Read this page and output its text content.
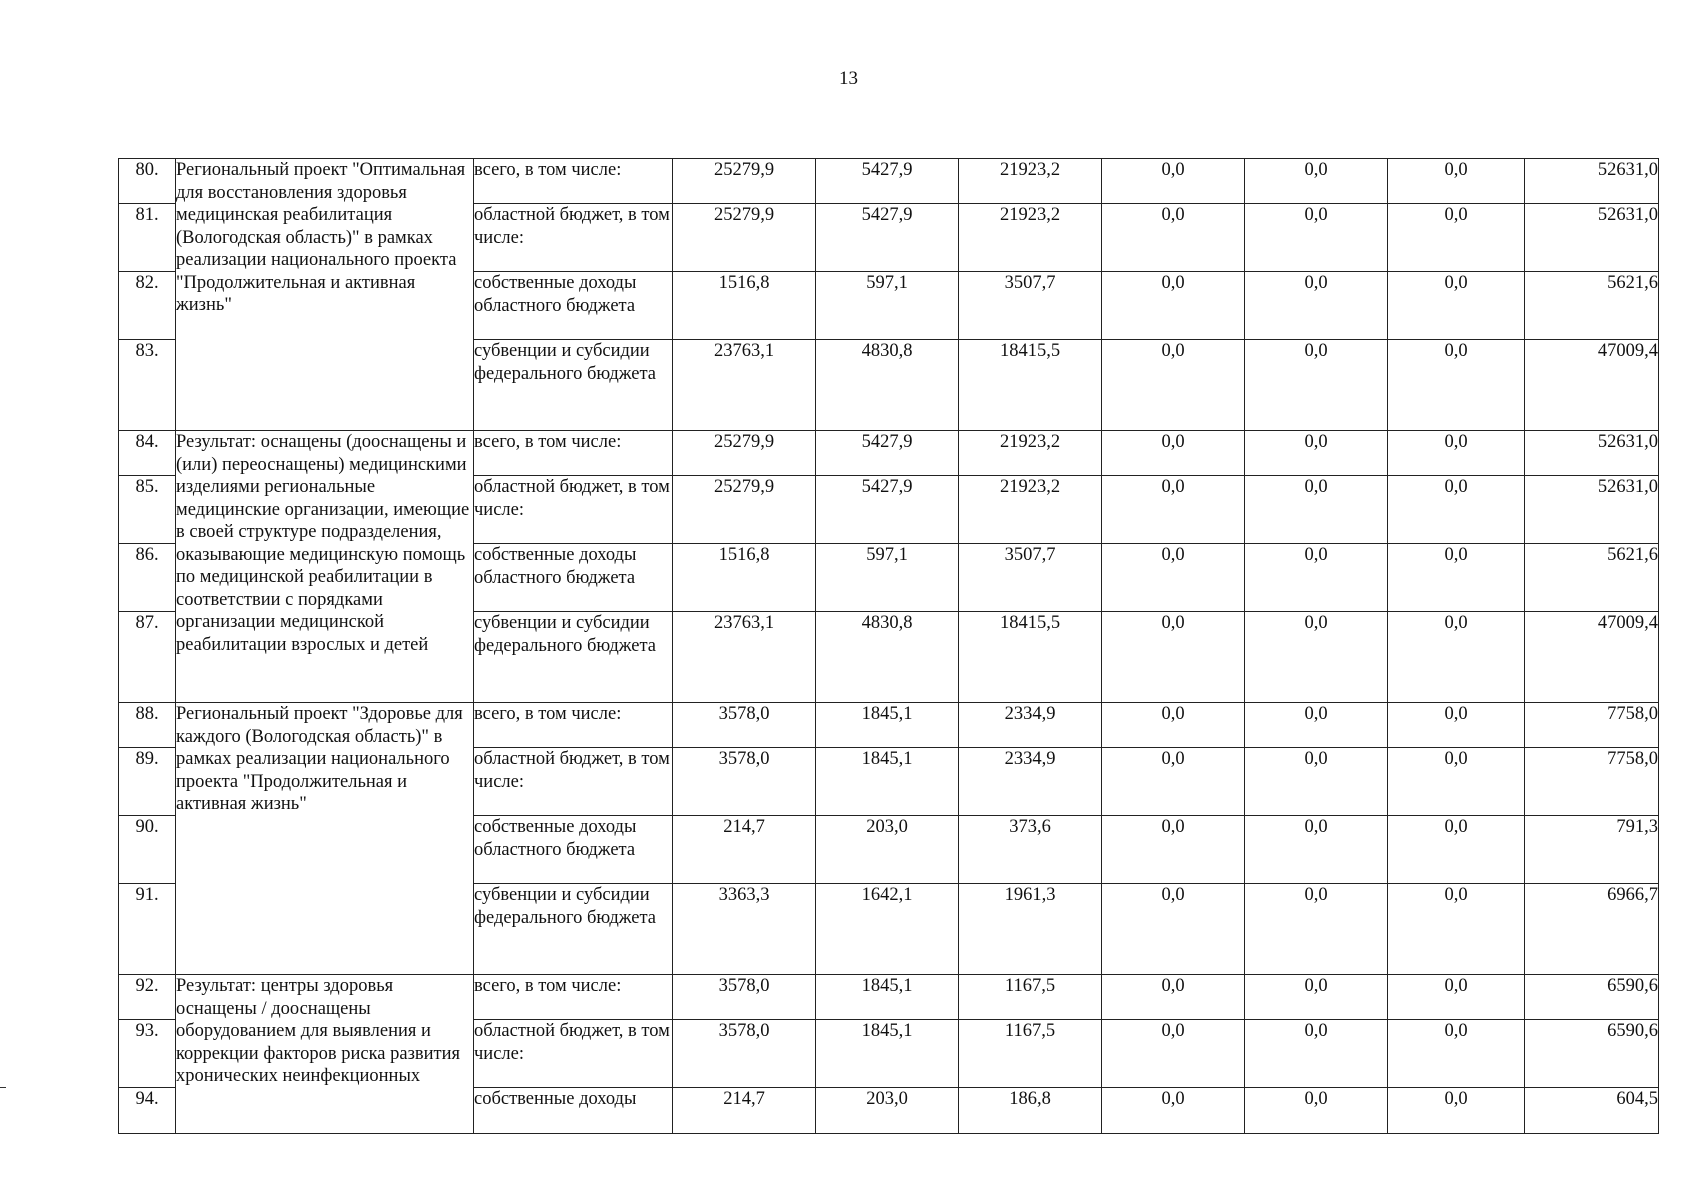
13
80.	Региональный проект "Оптимальная для восстановления здоровья медицинская реабилитация (Вологодская область)" в рамках реализации национального проекта "Продолжительная и активная жизнь"	всего, в том числе:	25279,9	5427,9	21923,2	0,0	0,0	0,0	52631,0
81.		областной бюджет, в том числе:	25279,9	5427,9	21923,2	0,0	0,0	0,0	52631,0
82.		собственные доходы областного бюджета	1516,8	597,1	3507,7	0,0	0,0	0,0	5621,6
83.		субвенции и субсидии федерального бюджета	23763,1	4830,8	18415,5	0,0	0,0	0,0	47009,4
84.	Результат: оснащены (дооснащены и (или) переоснащены) медицинскими изделиями региональные медицинские организации, имеющие в своей структуре подразделения, оказывающие медицинскую помощь по медицинской реабилитации в соответствии с порядками организации медицинской реабилитации взрослых и детей	всего, в том числе:	25279,9	5427,9	21923,2	0,0	0,0	0,0	52631,0
85.		областной бюджет, в том числе:	25279,9	5427,9	21923,2	0,0	0,0	0,0	52631,0
86.		собственные доходы областного бюджета	1516,8	597,1	3507,7	0,0	0,0	0,0	5621,6
87.		субвенции и субсидии федерального бюджета	23763,1	4830,8	18415,5	0,0	0,0	0,0	47009,4
88.	Региональный проект "Здоровье для каждого (Вологодская область)" в рамках реализации национального проекта "Продолжительная и активная жизнь"	всего, в том числе:	3578,0	1845,1	2334,9	0,0	0,0	0,0	7758,0
89.		областной бюджет, в том числе:	3578,0	1845,1	2334,9	0,0	0,0	0,0	7758,0
90.		собственные доходы областного бюджета	214,7	203,0	373,6	0,0	0,0	0,0	791,3
91.		субвенции и субсидии федерального бюджета	3363,3	1642,1	1961,3	0,0	0,0	0,0	6966,7
92.	Результат: центры здоровья оснащены / дооснащены оборудованием для выявления и коррекции факторов риска развития хронических неинфекционных	всего, в том числе:	3578,0	1845,1	1167,5	0,0	0,0	0,0	6590,6
93.		областной бюджет, в том числе:	3578,0	1845,1	1167,5	0,0	0,0	0,0	6590,6
94.		собственные доходы	214,7	203,0	186,8	0,0	0,0	0,0	604,5
